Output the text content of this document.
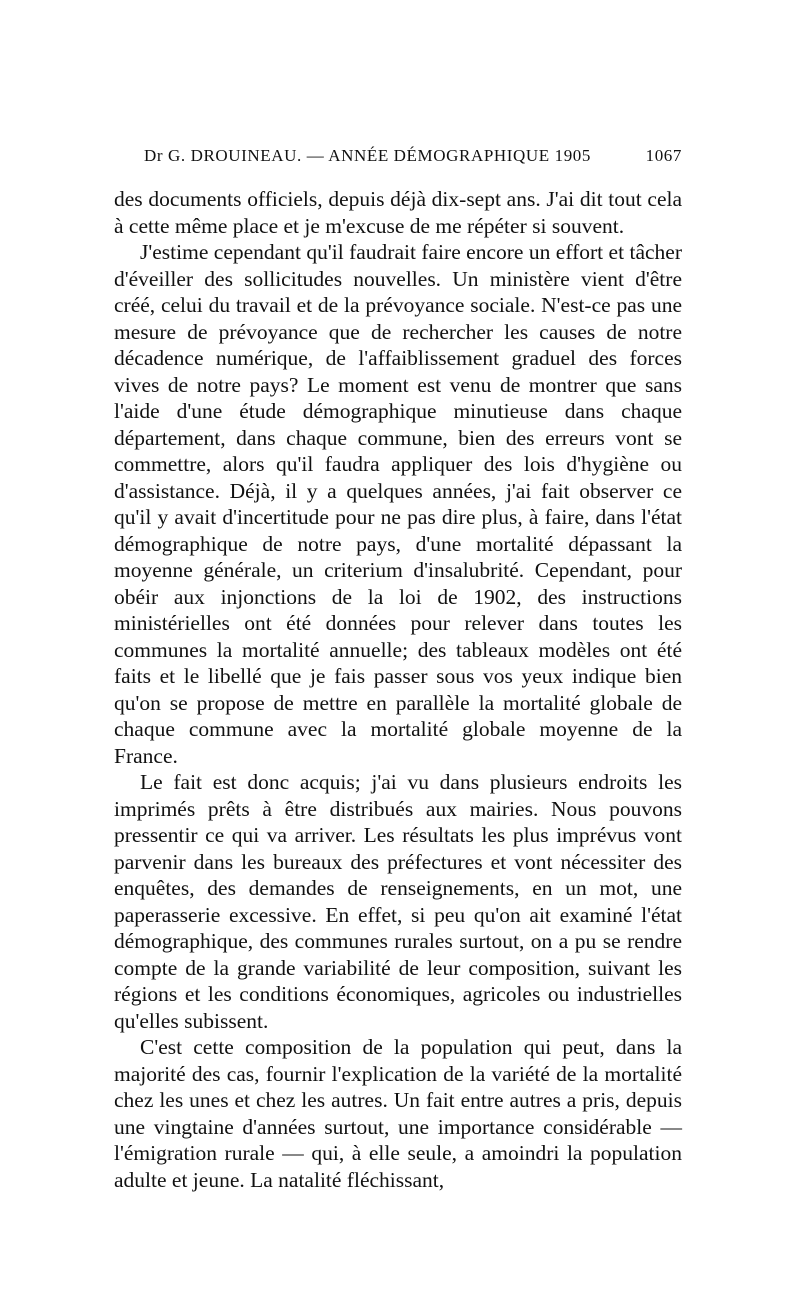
Dr G. DROUINEAU. — ANNÉE DÉMOGRAPHIQUE 1905	1067

des documents officiels, depuis déjà dix-sept ans. J'ai dit tout cela à cette même place et je m'excuse de me répéter si souvent.

J'estime cependant qu'il faudrait faire encore un effort et tâcher d'éveiller des sollicitudes nouvelles. Un ministère vient d'être créé, celui du travail et de la prévoyance sociale. N'est-ce pas une mesure de prévoyance que de rechercher les causes de notre décadence numérique, de l'affaiblissement graduel des forces vives de notre pays? Le moment est venu de montrer que sans l'aide d'une étude démographique minutieuse dans chaque département, dans chaque commune, bien des erreurs vont se commettre, alors qu'il faudra appliquer des lois d'hygiène ou d'assistance. Déjà, il y a quelques années, j'ai fait observer ce qu'il y avait d'incertitude pour ne pas dire plus, à faire, dans l'état démographique de notre pays, d'une mortalité dépassant la moyenne générale, un criterium d'insalubrité. Cependant, pour obéir aux injonctions de la loi de 1902, des instructions ministérielles ont été données pour relever dans toutes les communes la mortalité annuelle; des tableaux modèles ont été faits et le libellé que je fais passer sous vos yeux indique bien qu'on se propose de mettre en parallèle la mortalité globale de chaque commune avec la mortalité globale moyenne de la France.

Le fait est donc acquis; j'ai vu dans plusieurs endroits les imprimés prêts à être distribués aux mairies. Nous pouvons pressentir ce qui va arriver. Les résultats les plus imprévus vont parvenir dans les bureaux des préfectures et vont nécessiter des enquêtes, des demandes de renseignements, en un mot, une paperasserie excessive. En effet, si peu qu'on ait examiné l'état démographique, des communes rurales surtout, on a pu se rendre compte de la grande variabilité de leur composition, suivant les régions et les conditions économiques, agricoles ou industrielles qu'elles subissent.

C'est cette composition de la population qui peut, dans la majorité des cas, fournir l'explication de la variété de la mortalité chez les unes et chez les autres. Un fait entre autres a pris, depuis une vingtaine d'années surtout, une importance considérable — l'émigration rurale — qui, à elle seule, a amoindri la population adulte et jeune. La natalité fléchissant,
